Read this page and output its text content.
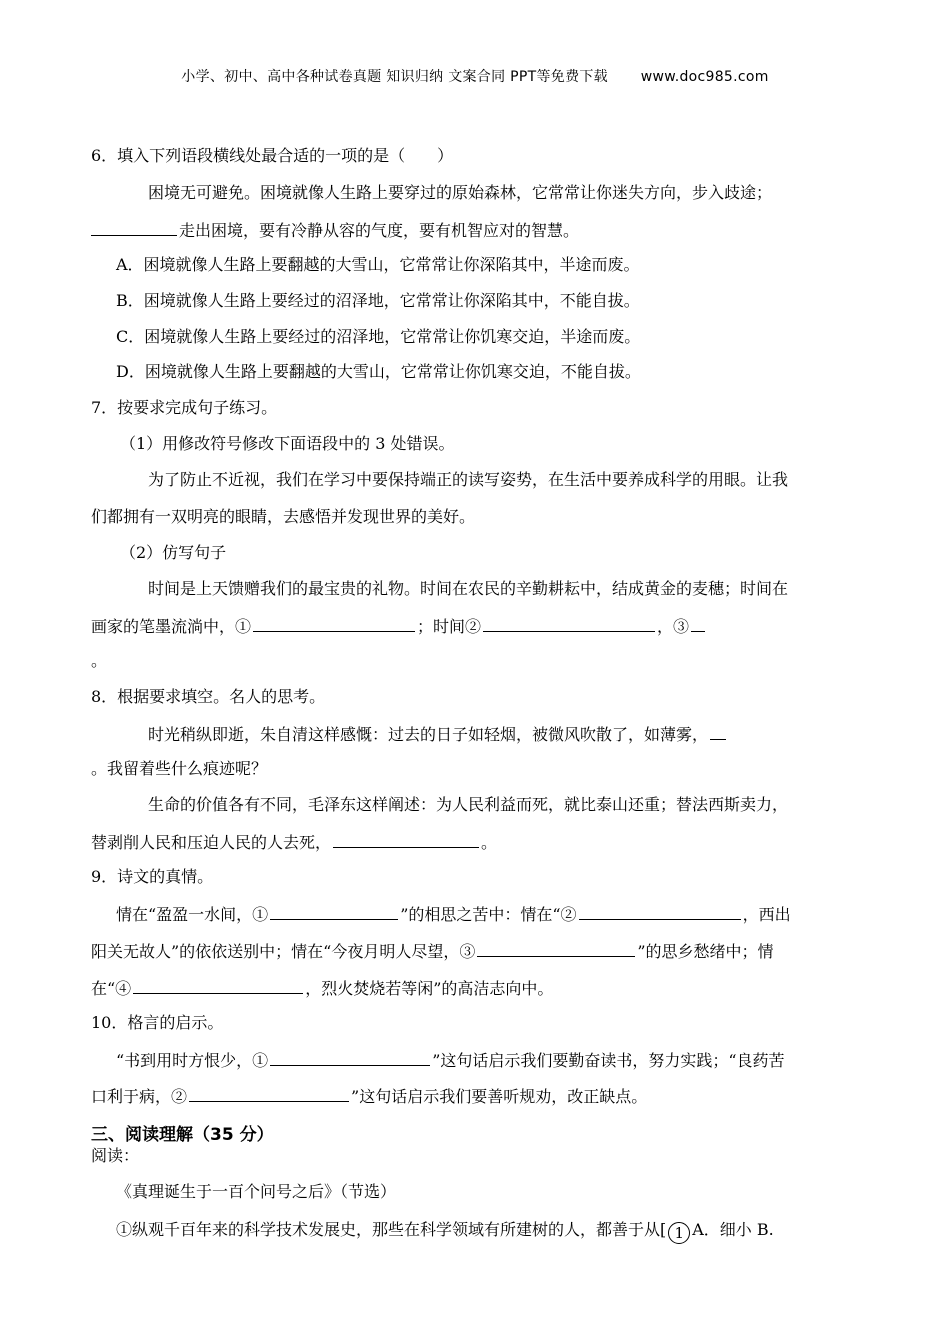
小学、初中、高中各种试卷真题 知识归纳 文案合同 PPT等免费下载 www.doc985.com
6．填入下列语段横线处最合适的一项的是（　　）
困境无可避免。困境就像人生路上要穿过的原始森林，它常常让你迷失方向，步入歧途；
走出困境，要有冷静从容的气度，要有机智应对的智慧。
A．困境就像人生路上要翻越的大雪山，它常常让你深陷其中，半途而废。
B．困境就像人生路上要经过的沼泽地，它常常让你深陷其中，不能自拔。
C．困境就像人生路上要经过的沼泽地，它常常让你饥寒交迫，半途而废。
D．困境就像人生路上要翻越的大雪山，它常常让你饥寒交迫，不能自拔。
7．按要求完成句子练习。
（1）用修改符号修改下面语段中的 3 处错误。
为了防止不近视，我们在学习中要保持端正的读写姿势，在生活中要养成科学的用眼。让我
们都拥有一双明亮的眼睛，去感悟并发现世界的美好。
（2）仿写句子
时间是上天馈赠我们的最宝贵的礼物。时间在农民的辛勤耕耘中，结成黄金的麦穗；时间在
画家的笔墨流淌中，①	；时间②	，③
。
8．根据要求填空。名人的思考。
时光稍纵即逝，朱自清这样感慨：过去的日子如轻烟，被微风吹散了，如薄雾，
。我留着些什么痕迹呢？
生命的价值各有不同，毛泽东这样阐述：为人民利益而死，就比泰山还重；替法西斯卖力，
替剥削人民和压迫人民的人去死，	。
9．诗文的真情。
情在“盈盈一水间，①	”的相思之苦中：情在“②	，西出
阳关无故人”的依依送别中；情在“今夜月明人尽望，③	”的思乡愁绪中；情
在“④	，烈火焚烧若等闲”的高洁志向中。
10．格言的启示。
“书到用时方恨少，①	”这句话启示我们要勤奋读书，努力实践；“良药苦
口利于病，②	”这句话启示我们要善听规劝，改正缺点。
三、阅读理解（35 分）
阅读：
《真理诞生于一百个问号之后》（节选）
①纵观千百年来的科学技术发展史，那些在科学领域有所建树的人，都善于从[ 1 A．细小 B.
